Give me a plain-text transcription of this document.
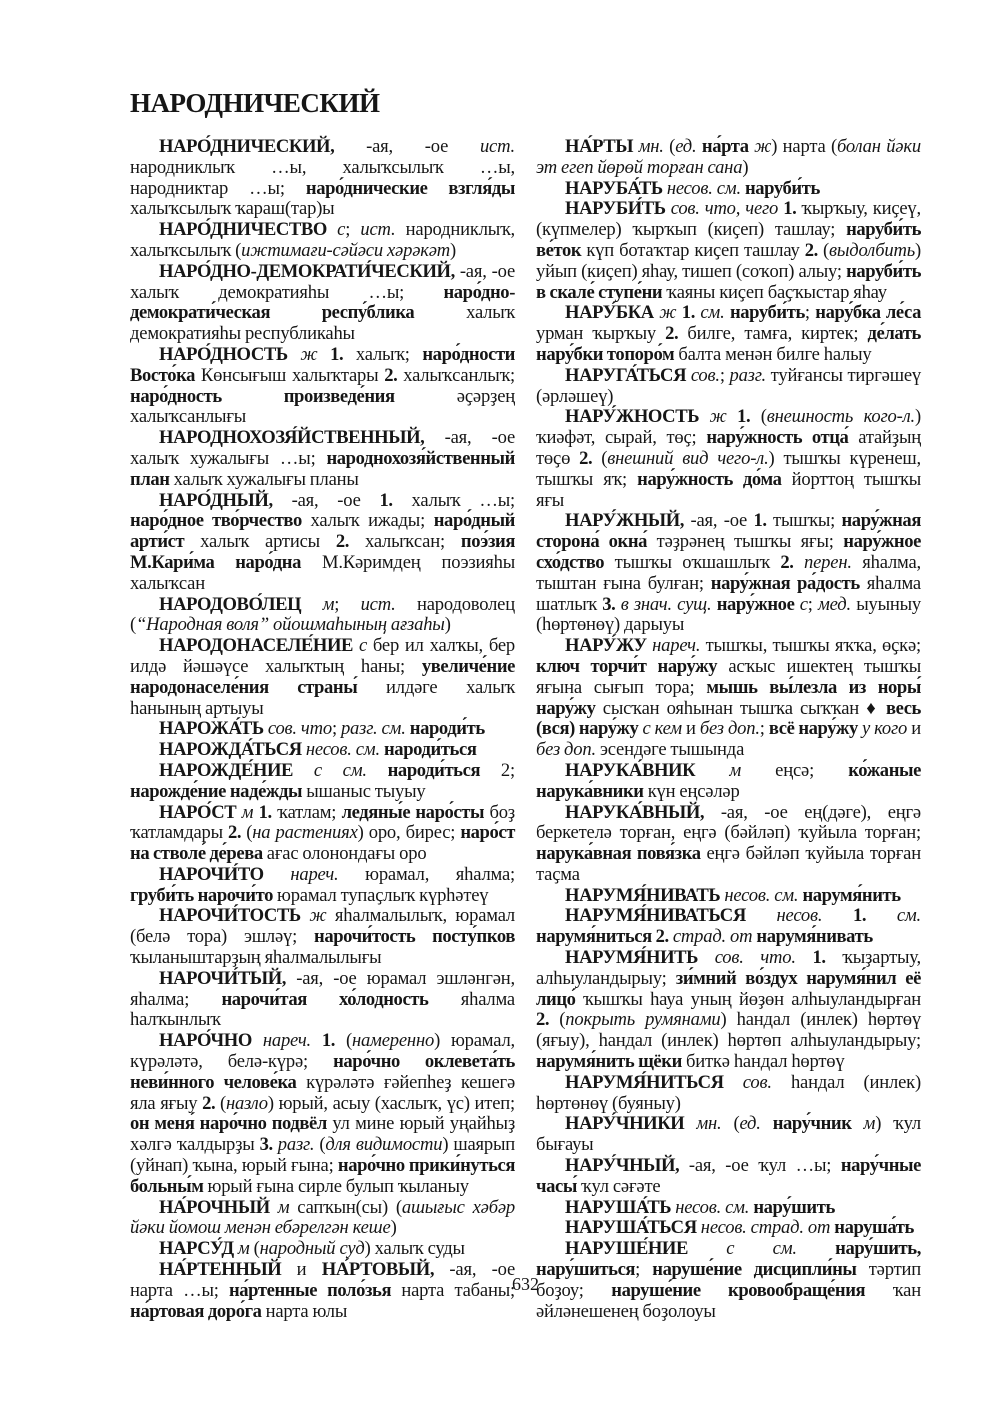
НАРОДНИЧЕСКИЙ

НАРО́ДНИЧЕСКИЙ, -ая, -ое ист. народниклыҡ …ы, халыҡсылыҡ …ы, народниктар …ы; наро́днические взгля́ды халыҡсылыҡ ҡараш(тар)ы

НАРО́ДНИЧЕСТВО с; ист. народниклыҡ, халыҡсылыҡ (ижтимағи-сәйәси хәрәкәт)

НАРО́ДНО-ДЕМОКРАТИ́ЧЕСКИЙ, -ая, -ое халыҡ демократияһы …ы; наро́дно-демократи́ческая респу́блика халыҡ демократияһы республикаһы

НАРО́ДНОСТЬ ж 1. халыҡ; наро́дности Восто́ка Көнсығыш халыҡтары 2. халыҡсанлыҡ; наро́дность произведе́ния әҫәрҙең халыҡсанлығы

НАРОДНОХОЗЯ́ЙСТВЕННЫЙ, -ая, -ое халыҡ хужалығы …ы; народнохозя́йственный план халыҡ хужалығы планы

НАРО́ДНЫЙ, -ая, -ое 1. халыҡ …ы; наро́дное тво́рчество халыҡ ижады; наро́дный арти́ст халыҡ артисы 2. халыҡсан; поэ́зия М.Кари́ма наро́дна М.Кәримдең поэзияһы халыҡсан

НАРОДОВО́ЛЕЦ м; ист. народоволец (“Народная воля” ойошмаһының ағзаһы)

НАРОДОНАСЕЛЕ́НИЕ с бер ил халҡы, бер илдә йәшәүсе халыҡтың һаны; увеличе́ние народонаселе́ния страны́ илдәге халыҡ һанының артыуы

НАРОЖА́ТЬ сов. что; разг. см. народи́ть

НАРОЖДА́ТЬСЯ несов. см. народи́ться

НАРОЖДЕ́НИЕ с см. народи́ться 2; нарожде́ние наде́жды ышаныс тыуыу

НАРО́СТ м 1. ҡатлам; ледяны́е наро́сты боҙ ҡатламдары 2. (на растениях) оро, бирес; наро́ст на стволе́ де́рева ағас олонондағы оро

НАРОЧИ́ТО нареч. юрамал, яһалма; груби́ть нарочи́то юрамал тупаҫлыҡ күрһәтеү

НАРОЧИ́ТОСТЬ ж яһалмалылыҡ, юрамал (белә тора) эшләү; нарочи́тость посту́пков ҡыланыштарҙың яһалмалылығы

НАРОЧИ́ТЫЙ, -ая, -ое юрамал эшләнгән, яһалма; нарочи́тая хо́лодность яһалма һалҡынлыҡ

НАРО́ЧНО нареч. 1. (намеренно) юрамал, күрәләтә, белә-күрә; наро́чно оклевета́ть неви́нного челове́ка күрәләтә ғәйепһеҙ кешегә яла яғыу 2. (назло) юрый, асыу (хаслыҡ, үс) итеп; он меня́ наро́чно подвёл ул мине юрый уңайһыҙ хәлгә ҡалдырҙы 3. разг. (для видимости) шаярып (уйнап) ҡына, юрый ғына; наро́чно прики́нуться больны́м юрый ғына сирле булып ҡыланыу

НА́РОЧНЫЙ м сапҡын(сы) (ашығыс хәбәр йәки йомош менән ебәрелгән кеше)

НАРСУ́Д м (народный суд) халыҡ суды

НА́РТЕННЫЙ и НА́РТОВЫЙ, -ая, -ое нарта …ы; на́ртенные поло́зья нарта табаны; на́ртовая доро́га нарта юлы

НА́РТЫ мн. (ед. на́рта ж) нарта (болан йәки эт егеп йөрөй торған сана)

НАРУБА́ТЬ несов. см. наруби́ть

НАРУБИ́ТЬ сов. что, чего 1. ҡырҡыу, киҫеү, (күпмелер) ҡырҡып (киҫеп) ташлау; наруби́ть ве́ток күп ботаҡтар киҫеп ташлау 2. (выдолбить) уйып (киҫеп) яһау, тишеп (соҡоп) алыу; наруби́ть в скале́ ступе́ни ҡаяны киҫеп баҫҡыстар яһау

НАРУ́БКА ж 1. см. наруби́ть; нару́бка ле́са урман ҡырҡыу 2. билге, тамға, киртек; де́лать нару́бки топоро́м балта менән билге һалыу

НАРУГА́ТЬСЯ сов.; разг. туйғансы тиргәшеү (әрләшеү)

НАРУ́ЖНОСТЬ ж 1. (внешность кого-л.) ҡиәфәт, сырай, төҫ; нару́жность отца́ атайҙың төҫө 2. (внешний вид чего-л.) тышҡы күренеш, тышҡы яҡ; нару́жность до́ма йорттоң тышҡы яғы

НАРУ́ЖНЫЙ, -ая, -ое 1. тышҡы; нару́жная сторона́ окна́ тәҙрәнең тышҡы яғы; нару́жное схо́дство тышҡы оҡшашлыҡ 2. перен. яһалма, тыштан ғына булған; нару́жная ра́дость яһалма шатлыҡ 3. в знач. сущ. нару́жное с; мед. ыуыныу (һөртөнөү) дарыуы

НАРУ́ЖУ нареч. тышҡы, тышҡы яҡҡа, өҫкә; ключ торчи́т нару́жу асҡыс ишектең тышҡы яғына сығып тора; мышь вы́лезла из норы́ нару́жу сысҡан ояһынан тышҡа сыҡҡан ♦ весь (вся) нару́жу с кем и без доп.; всё нару́жу у кого и без доп. эсендәге тышында

НАРУКА́ВНИК м еңсә; ко́жаные нарука́вники күн еңсәләр

НАРУКА́ВНЫЙ, -ая, -ое ең(дәге), еңгә беркетелә торған, еңгә (бәйләп) ҡуйыла торған; нарука́вная повя́зка еңгә бәйләп ҡуйыла торған таҫма

НАРУМЯ́НИВАТЬ несов. см. нарумя́нить

НАРУМЯ́НИВАТЬСЯ несов. 1. см. нарумя́ниться 2. страд. от нарумя́нивать

НАРУМЯ́НИТЬ сов. что. 1. ҡыҙартыу, алһыуландырыу; зи́мний во́здух нарумя́нил её лицо́ ҡышҡы һауа уның йөҙөн алһыуландырған 2. (покрыть румянами) һандал (инлек) һөртөү (яғыу), һандал (инлек) һөртөп алһыуландырыу; нарумя́нить щёки биткә һандал һөртөү

НАРУМЯ́НИТЬСЯ сов. һандал (инлек) һөртөнөү (буяныу)

НАРУ́ЧНИКИ мн. (ед. нару́чник м) ҡул бығауы

НАРУ́ЧНЫЙ, -ая, -ое ҡул …ы; нару́чные часы́ ҡул сәғәте

НАРУША́ТЬ несов. см. нару́шить

НАРУША́ТЬСЯ несов. страд. от наруша́ть

НАРУШЕ́НИЕ с см. нару́шить, нару́шиться; наруше́ние дисципли́ны тәртип боҙоу; наруше́ние кровообраще́ния ҡан әйләнешенең боҙолоуы

632
